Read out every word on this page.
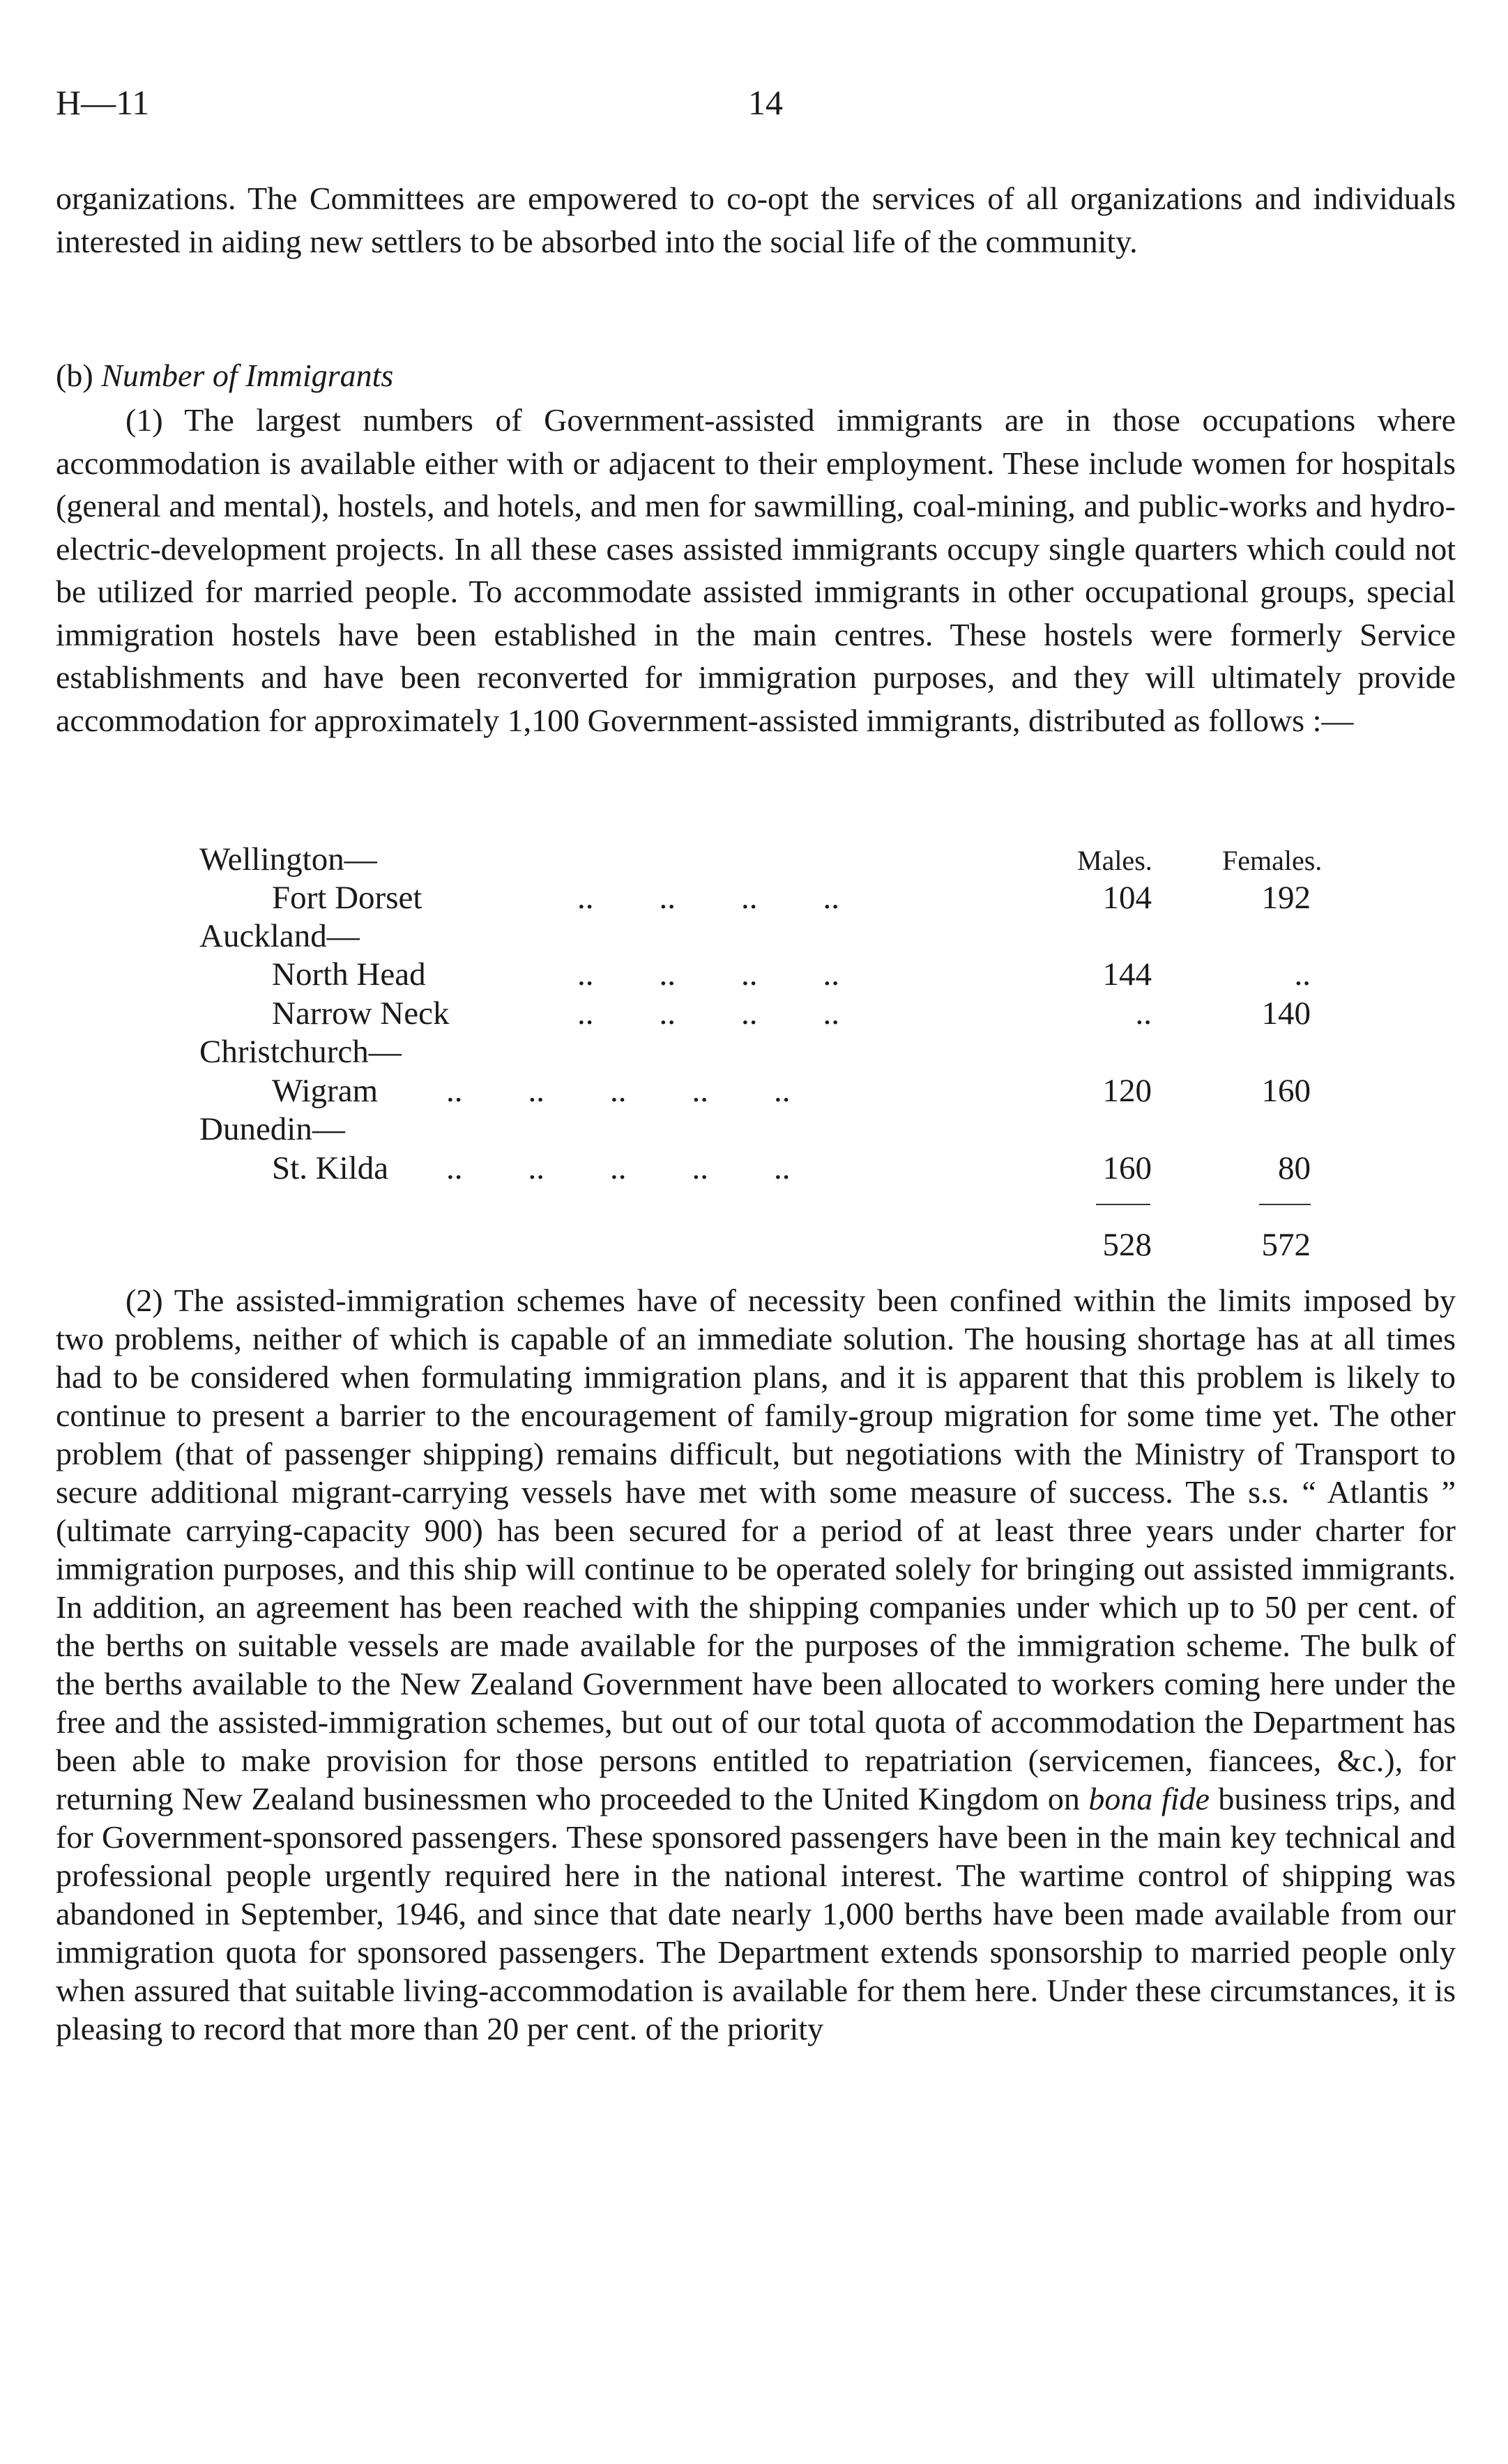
H—11	14

organizations. The Committees are empowered to co-opt the services of all organizations and individuals interested in aiding new settlers to be absorbed into the social life of the community.

(b) Number of Immigrants

(1) The largest numbers of Government-assisted immigrants are in those occupations where accommodation is available either with or adjacent to their employment. These include women for hospitals (general and mental), hostels, and hotels, and men for sawmilling, coal-mining, and public-works and hydro-electric-development projects. In all these cases assisted immigrants occupy single quarters which could not be utilized for married people. To accommodate assisted immigrants in other occupational groups, special immigration hostels have been established in the main centres. These hostels were formerly Service establishments and have been reconverted for immigration purposes, and they will ultimately provide accommodation for approximately 1,100 Government-assisted immigrants, distributed as follows :—

Males.	Females.
Wellington—
Fort Dorset	..  ..  ..  ..	104	192
Auckland—
North Head	..  ..  ..  ..	144	..
Narrow Neck	..  ..  ..  ..	..	140
Christchurch—
Wigram ..  ..  ..  ..  ..	120	160
Dunedin—
St. Kilda ..  ..  ..  ..  ..	160	80
528	572

(2) The assisted-immigration schemes have of necessity been confined within the limits imposed by two problems, neither of which is capable of an immediate solution. The housing shortage has at all times had to be considered when formulating immigration plans, and it is apparent that this problem is likely to continue to present a barrier to the encouragement of family-group migration for some time yet. The other problem (that of passenger shipping) remains difficult, but negotiations with the Ministry of Transport to secure additional migrant-carrying vessels have met with some measure of success. The s.s. “ Atlantis ” (ultimate carrying-capacity 900) has been secured for a period of at least three years under charter for immigration purposes, and this ship will continue to be operated solely for bringing out assisted immigrants. In addition, an agreement has been reached with the shipping companies under which up to 50 per cent. of the berths on suitable vessels are made available for the purposes of the immigration scheme. The bulk of the berths available to the New Zealand Government have been allocated to workers coming here under the free and the assisted-immigration schemes, but out of our total quota of accommodation the Department has been able to make provision for those persons entitled to repatriation (servicemen, fiancees, &c.), for returning New Zealand businessmen who proceeded to the United Kingdom on bona fide business trips, and for Government-sponsored passengers. These sponsored passengers have been in the main key technical and professional people urgently required here in the national interest. The wartime control of shipping was abandoned in September, 1946, and since that date nearly 1,000 berths have been made available from our immigration quota for sponsored passengers. The Department extends sponsorship to married people only when assured that suitable living-accommodation is available for them here. Under these circumstances, it is pleasing to record that more than 20 per cent. of the priority
